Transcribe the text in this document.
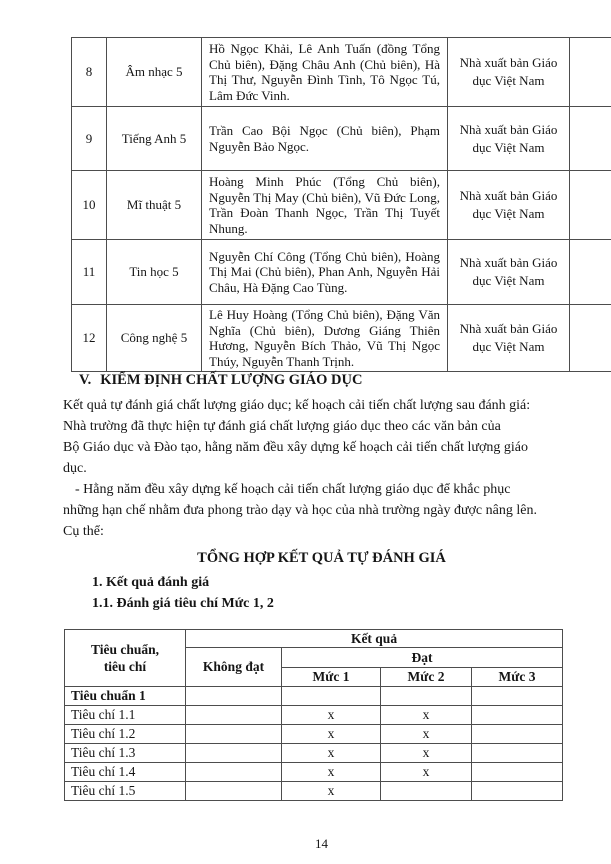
8	Âm nhạc 5	Hồ Ngọc Khải, Lê Anh Tuấn (đồng Tổng Chủ biên), Đặng Châu Anh (Chủ biên), Hà Thị Thư, Nguyễn Đình Tình, Tô Ngọc Tú, Lâm Đức Vinh.	Nhà xuất bản Giáo dục Việt Nam	
9	Tiếng Anh 5	Trần Cao Bội Ngọc (Chủ biên), Phạm Nguyễn Bảo Ngọc.	Nhà xuất bản Giáo dục Việt Nam	
10	Mĩ thuật 5	Hoàng Minh Phúc (Tổng Chủ biên), Nguyễn Thị May (Chủ biên), Vũ Đức Long, Trần Đoàn Thanh Ngọc, Trần Thị Tuyết Nhung.	Nhà xuất bản Giáo dục Việt Nam	
11	Tin học 5	Nguyễn Chí Công (Tổng Chủ biên), Hoàng Thị Mai (Chủ biên), Phan Anh, Nguyễn Hải Châu, Hà Đặng Cao Tùng.	Nhà xuất bản Giáo dục Việt Nam	
12	Công nghệ 5	Lê Huy Hoàng (Tổng Chủ biên), Đặng Văn Nghĩa (Chủ biên), Dương Giáng Thiên Hương, Nguyễn Bích Thảo, Vũ Thị Ngọc Thúy, Nguyễn Thanh Trịnh.	Nhà xuất bản Giáo dục Việt Nam	
V. KIỂM ĐỊNH CHẤT LƯỢNG GIÁO DỤC
Kết quả tự đánh giá chất lượng giáo dục; kế hoạch cải tiến chất lượng sau đánh giá:
Nhà trường đã thực hiện tự đánh giá chất lượng giáo dục theo các văn bản của
Bộ Giáo dục và Đào tạo, hằng năm đều xây dựng kế hoạch cải tiến chất lượng giáo
dục.
- Hằng năm đều xây dựng kế hoạch cải tiến chất lượng giáo dục để khắc phục
những hạn chế nhằm đưa phong trào dạy và học của nhà trường ngày được nâng lên.
Cụ thể:
TỔNG HỢP KẾT QUẢ TỰ ĐÁNH GIÁ
1. Kết quả đánh giá
1.1. Đánh giá tiêu chí Mức 1, 2
Tiêu chuẩn,
tiêu chí	Kết quả			
	Không đạt	Đạt		
		Mức 1	Mức 2	Mức 3
Tiêu chuẩn 1				
Tiêu chí 1.1		x	x	
Tiêu chí 1.2		x	x	
Tiêu chí 1.3		x	x	
Tiêu chí 1.4		x	x	
Tiêu chí 1.5		x		
14
